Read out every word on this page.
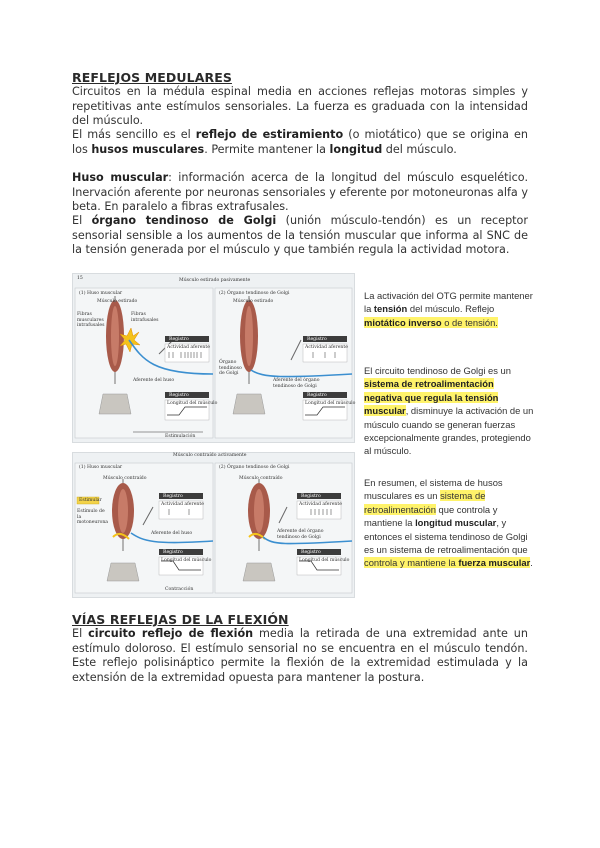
REFLEJOS MEDULARES

Circuitos en la médula espinal media en acciones reflejas motoras simples y repetitivas ante estímulos sensoriales. La fuerza es graduada con la intensidad del músculo.

El más sencillo es el reflejo de estiramiento (o miotático) que se origina en los husos musculares. Permite mantener la longitud del músculo.

Huso muscular: información acerca de la longitud del músculo esquelético. Inervación aferente por neuronas sensoriales y eferente por motoneuronas alfa y beta. En paralelo a fibras extrafusales.

El órgano tendinoso de Golgi (unión músculo-tendón) es un receptor sensorial sensible a los aumentos de la tensión muscular que informa al SNC de la tensión generada por el músculo y que también regula la actividad motora.

15	Músculo estirado pasivamente
(1) Huso muscular	(2) Órgano tendinoso de Golgi
Músculo estirado	Músculo estirado
Fibras musculares intrafusales
Fibras intrafusales
Registro
Actividad aferente
Aferente del huso
Registro
Actividad aferente
Órgano tendinoso de Golgi
Aferente del órgano tendinoso de Golgi
Registro
Longitud del músculo
Registro
Longitud del músculo
Estimulación
Músculo contraído activamente
(1) Huso muscular	(2) Órgano tendinoso de Golgi
Músculo contraído	Músculo contraído
Estimular
Estímulo de la motoneurona
Registro
Actividad aferente
Aferente del huso
Registro
Actividad aferente
Aferente del órgano tendinoso de Golgi
Registro
Longitud del músculo
Registro
Longitud del músculo
Contracción

La activación del OTG permite mantener la tensión del músculo. Reflejo miotático inverso o de tensión.

El circuito tendinoso de Golgi es un sistema de retroalimentación negativa que regula la tensión muscular, disminuye la activación de un músculo cuando se generan fuerzas excepcionalmente grandes, protegiendo al músculo.

En resumen, el sistema de husos musculares es un sistema de retroalimentación que controla y mantiene la longitud muscular, y entonces el sistema tendinoso de Golgi es un sistema de retroalimentación que controla y mantiene la fuerza muscular.

VÍAS REFLEJAS DE LA FLEXIÓN

El circuito reflejo de flexión media la retirada de una extremidad ante un estímulo doloroso. El estímulo sensorial no se encuentra en el músculo tendón. Este reflejo polisináptico permite la flexión de la extremidad estimulada y la extensión de la extremidad opuesta para mantener la postura.
